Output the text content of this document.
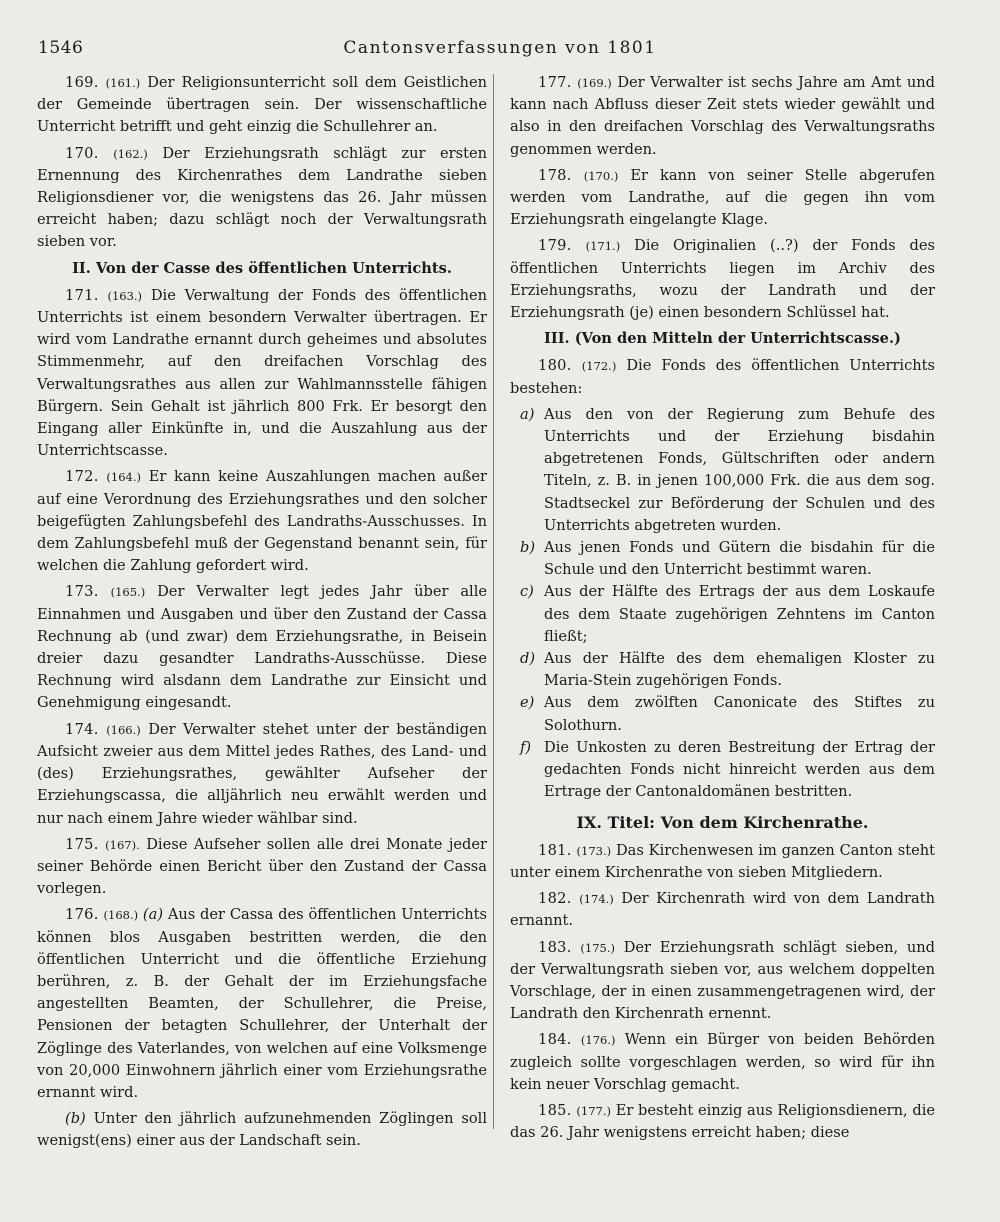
1546	Cantonsverfassungen von 1801

169. (161.) Der Religionsunterricht soll dem Geistlichen der Gemeinde übertragen sein. Der wissenschaftliche Unterricht betrifft und geht einzig die Schullehrer an.

170. (162.) Der Erziehungsrath schlägt zur ersten Ernennung des Kirchenrathes dem Landrathe sieben Religionsdiener vor, die wenigstens das 26. Jahr müssen erreicht haben; dazu schlägt noch der Verwaltungsrath sieben vor.

II. Von der Casse des öffentlichen Unterrichts.

171. (163.) Die Verwaltung der Fonds des öffentlichen Unterrichts ist einem besondern Verwalter übertragen. Er wird vom Landrathe ernannt durch geheimes und absolutes Stimmenmehr, auf den dreifachen Vorschlag des Verwaltungsrathes aus allen zur Wahlmannsstelle fähigen Bürgern. Sein Gehalt ist jährlich 800 Frk. Er besorgt den Eingang aller Einkünfte in, und die Auszahlung aus der Unterrichtscasse.

172. (164.) Er kann keine Auszahlungen machen außer auf eine Verordnung des Erziehungsrathes und den solcher beigefügten Zahlungsbefehl des Landraths-Ausschusses. In dem Zahlungsbefehl muß der Gegenstand benannt sein, für welchen die Zahlung gefordert wird.

173. (165.) Der Verwalter legt jedes Jahr über alle Einnahmen und Ausgaben und über den Zustand der Cassa Rechnung ab (und zwar) dem Erziehungsrathe, in Beisein dreier dazu gesandter Landraths-Ausschüsse. Diese Rechnung wird alsdann dem Landrathe zur Einsicht und Genehmigung eingesandt.

174. (166.) Der Verwalter stehet unter der beständigen Aufsicht zweier aus dem Mittel jedes Rathes, des Land- und (des) Erziehungsrathes, gewählter Aufseher der Erziehungscassa, die alljährlich neu erwählt werden und nur nach einem Jahre wieder wählbar sind.

175. (167). Diese Aufseher sollen alle drei Monate jeder seiner Behörde einen Bericht über den Zustand der Cassa vorlegen.

176. (168.) (a) Aus der Cassa des öffentlichen Unterrichts können blos Ausgaben bestritten werden, die den öffentlichen Unterricht und die öffentliche Erziehung berühren, z. B. der Gehalt der im Erziehungsfache angestellten Beamten, der Schullehrer, die Preise, Pensionen der betagten Schullehrer, der Unterhalt der Zöglinge des Vaterlandes, von welchen auf eine Volksmenge von 20,000 Einwohnern jährlich einer vom Erziehungsrathe ernannt wird.

(b) Unter den jährlich aufzunehmenden Zöglingen soll wenigst(ens) einer aus der Landschaft sein.

177. (169.) Der Verwalter ist sechs Jahre am Amt und kann nach Abfluss dieser Zeit stets wieder gewählt und also in den dreifachen Vorschlag des Verwaltungsraths genommen werden.

178. (170.) Er kann von seiner Stelle abgerufen werden vom Landrathe, auf die gegen ihn vom Erziehungsrath eingelangte Klage.

179. (171.) Die Originalien (..?) der Fonds des öffentlichen Unterrichts liegen im Archiv des Erziehungsraths, wozu der Landrath und der Erziehungsrath (je) einen besondern Schlüssel hat.

III. (Von den Mitteln der Unterrichtscasse.)

180. (172.) Die Fonds des öffentlichen Unterrichts bestehen:

a) Aus den von der Regierung zum Behufe des Unterrichts und der Erziehung bisdahin abgetretenen Fonds, Gültschriften oder andern Titeln, z. B. in jenen 100,000 Frk. die aus dem sog. Stadtseckel zur Beförderung der Schulen und des Unterrichts abgetreten wurden.
b) Aus jenen Fonds und Gütern die bisdahin für die Schule und den Unterricht bestimmt waren.
c) Aus der Hälfte des Ertrags der aus dem Loskaufe des dem Staate zugehörigen Zehntens im Canton fließt;
d) Aus der Hälfte des dem ehemaligen Kloster zu Maria-Stein zugehörigen Fonds.
e) Aus dem zwölften Canonicate des Stiftes zu Solothurn.
f) Die Unkosten zu deren Bestreitung der Ertrag der gedachten Fonds nicht hinreicht werden aus dem Ertrage der Cantonaldomänen bestritten.
IX. Titel: Von dem Kirchenrathe.

181. (173.) Das Kirchenwesen im ganzen Canton steht unter einem Kirchenrathe von sieben Mitgliedern.

182. (174.) Der Kirchenrath wird von dem Landrath ernannt.

183. (175.) Der Erziehungsrath schlägt sieben, und der Verwaltungsrath sieben vor, aus welchem doppelten Vorschlage, der in einen zusammengetragenen wird, der Landrath den Kirchenrath ernennt.

184. (176.) Wenn ein Bürger von beiden Behörden zugleich sollte vorgeschlagen werden, so wird für ihn kein neuer Vorschlag gemacht.

185. (177.) Er besteht einzig aus Religionsdienern, die das 26. Jahr wenigstens erreicht haben; diese
